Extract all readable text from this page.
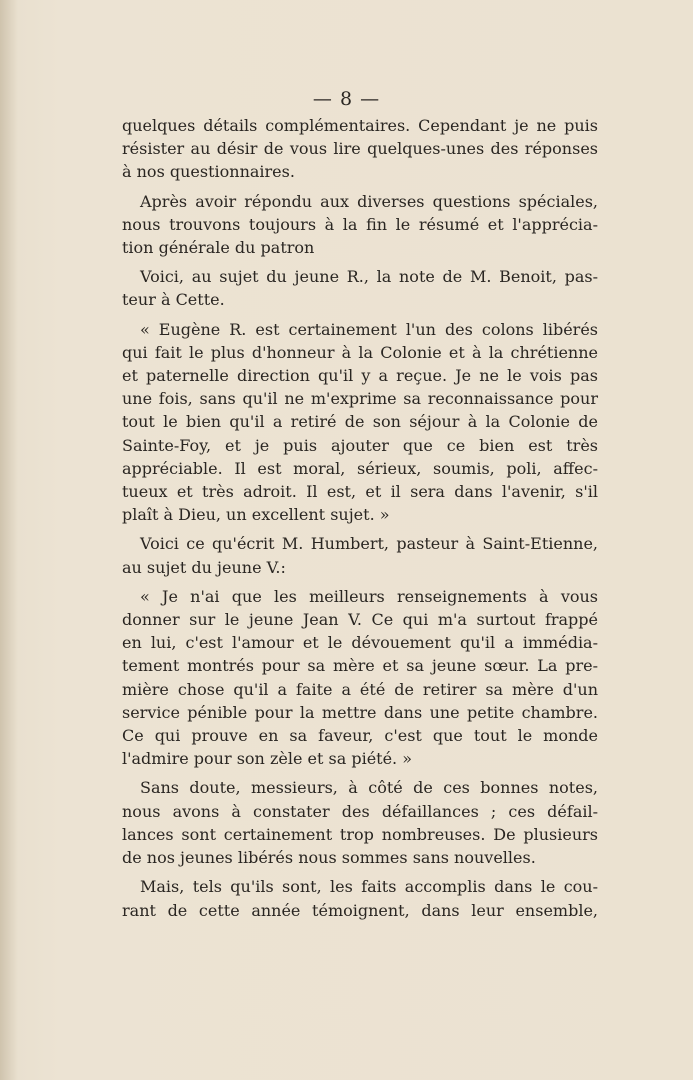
— 8 —
quelques détails complémentaires. Cependant je ne puis
résister au désir de vous lire quelques-unes des réponses
à nos questionnaires.
Après avoir répondu aux diverses questions spéciales,
nous trouvons toujours à la fin le résumé et l'apprécia-
tion générale du patron
Voici, au sujet du jeune R., la note de M. Benoit, pas-
teur à Cette.
« Eugène R. est certainement l'un des colons libérés
qui fait le plus d'honneur à la Colonie et à la chrétienne
et paternelle direction qu'il y a reçue. Je ne le vois pas
une fois, sans qu'il ne m'exprime sa reconnaissance pour
tout le bien qu'il a retiré de son séjour à la Colonie de
Sainte-Foy, et je puis ajouter que ce bien est très
appréciable. Il est moral, sérieux, soumis, poli, affec-
tueux et très adroit. Il est, et il sera dans l'avenir, s'il
plaît à Dieu, un excellent sujet. »
Voici ce qu'écrit M. Humbert, pasteur à Saint-Etienne,
au sujet du jeune V.:
« Je n'ai que les meilleurs renseignements à vous
donner sur le jeune Jean V. Ce qui m'a surtout frappé
en lui, c'est l'amour et le dévouement qu'il a immédia-
tement montrés pour sa mère et sa jeune sœur. La pre-
mière chose qu'il a faite a été de retirer sa mère d'un
service pénible pour la mettre dans une petite chambre.
Ce qui prouve en sa faveur, c'est que tout le monde
l'admire pour son zèle et sa piété. »
Sans doute, messieurs, à côté de ces bonnes notes,
nous avons à constater des défaillances ; ces défail-
lances sont certainement trop nombreuses. De plusieurs
de nos jeunes libérés nous sommes sans nouvelles.
Mais, tels qu'ils sont, les faits accomplis dans le cou-
rant de cette année témoignent, dans leur ensemble,
